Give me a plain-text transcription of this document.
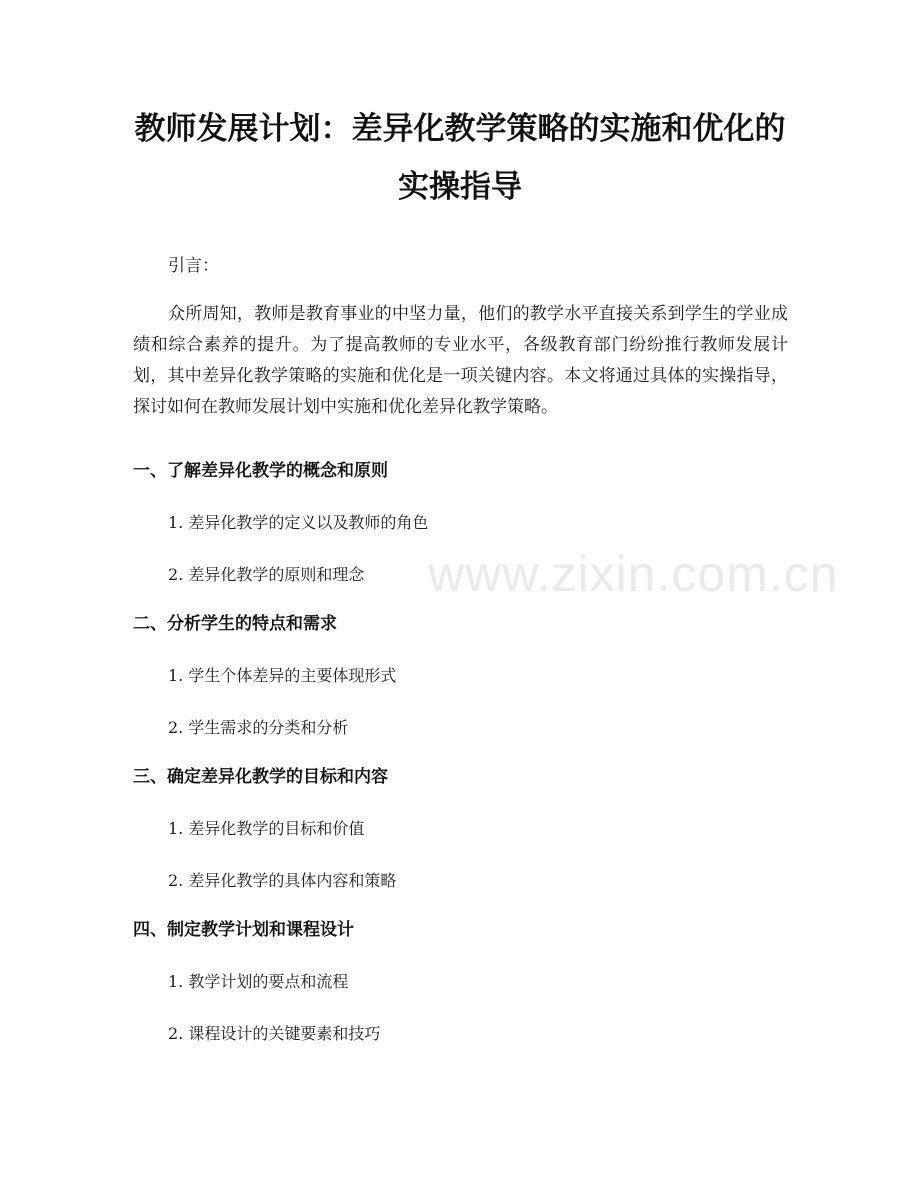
教师发展计划：差异化教学策略的实施和优化的实操指导

引言：

众所周知，教师是教育事业的中坚力量，他们的教学水平直接关系到学生的学业成绩和综合素养的提升。为了提高教师的专业水平，各级教育部门纷纷推行教师发展计划，其中差异化教学策略的实施和优化是一项关键内容。本文将通过具体的实操指导，探讨如何在教师发展计划中实施和优化差异化教学策略。

一、了解差异化教学的概念和原则

1. 差异化教学的定义以及教师的角色

2. 差异化教学的原则和理念

二、分析学生的特点和需求

1. 学生个体差异的主要体现形式

2. 学生需求的分类和分析

三、确定差异化教学的目标和内容

1. 差异化教学的目标和价值

2. 差异化教学的具体内容和策略

四、制定教学计划和课程设计

1. 教学计划的要点和流程

2. 课程设计的关键要素和技巧

www.zixin.com.cn
